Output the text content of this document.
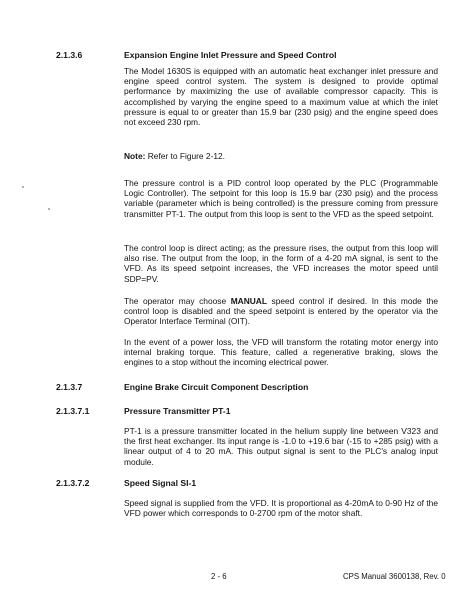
2.1.3.6	Expansion Engine Inlet Pressure and Speed Control

The Model 1630S is equipped with an automatic heat exchanger inlet pressure and engine speed control system. The system is designed to provide optimal performance by maximizing the use of available compressor capacity. This is accomplished by varying the engine speed to a maximum value at which the inlet pressure is equal to or greater than 15.9 bar (230 psig) and the engine speed does not exceed 230 rpm.

Note: Refer to Figure 2-12.

The pressure control is a PID control loop operated by the PLC (Programmable Logic Controller). The setpoint for this loop is 15.9 bar (230 psig) and the process variable (parameter which is being controlled) is the pressure coming from pressure transmitter PT-1. The output from this loop is sent to the VFD as the speed setpoint.

The control loop is direct acting; as the pressure rises, the output from this loop will also rise. The output from the loop, in the form of a 4-20 mA signal, is sent to the VFD. As its speed setpoint increases, the VFD increases the motor speed until SDP=PV.

The operator may choose MANUAL speed control if desired. In this mode the control loop is disabled and the speed setpoint is entered by the operator via the Operator Interface Terminal (OIT).

In the event of a power loss, the VFD will transform the rotating motor energy into internal braking torque. This feature, called a regenerative braking, slows the engines to a stop without the incoming electrical power.

2.1.3.7	Engine Brake Circuit Component Description
2.1.3.7.1	Pressure Transmitter PT-1

PT-1 is a pressure transmitter located in the helium supply line between V323 and the first heat exchanger. Its input range is -1.0 to +19.6 bar (-15 to +285 psig) with a linear output of 4 to 20 mA. This output signal is sent to the PLC's analog input module.

2.1.3.7.2	Speed Signal SI-1

Speed signal is supplied from the VFD. It is proportional as 4-20mA to 0-90 Hz of the VFD power which corresponds to 0-2700 rpm of the motor shaft.

2 - 6	CPS Manual 3600138, Rev. 0
